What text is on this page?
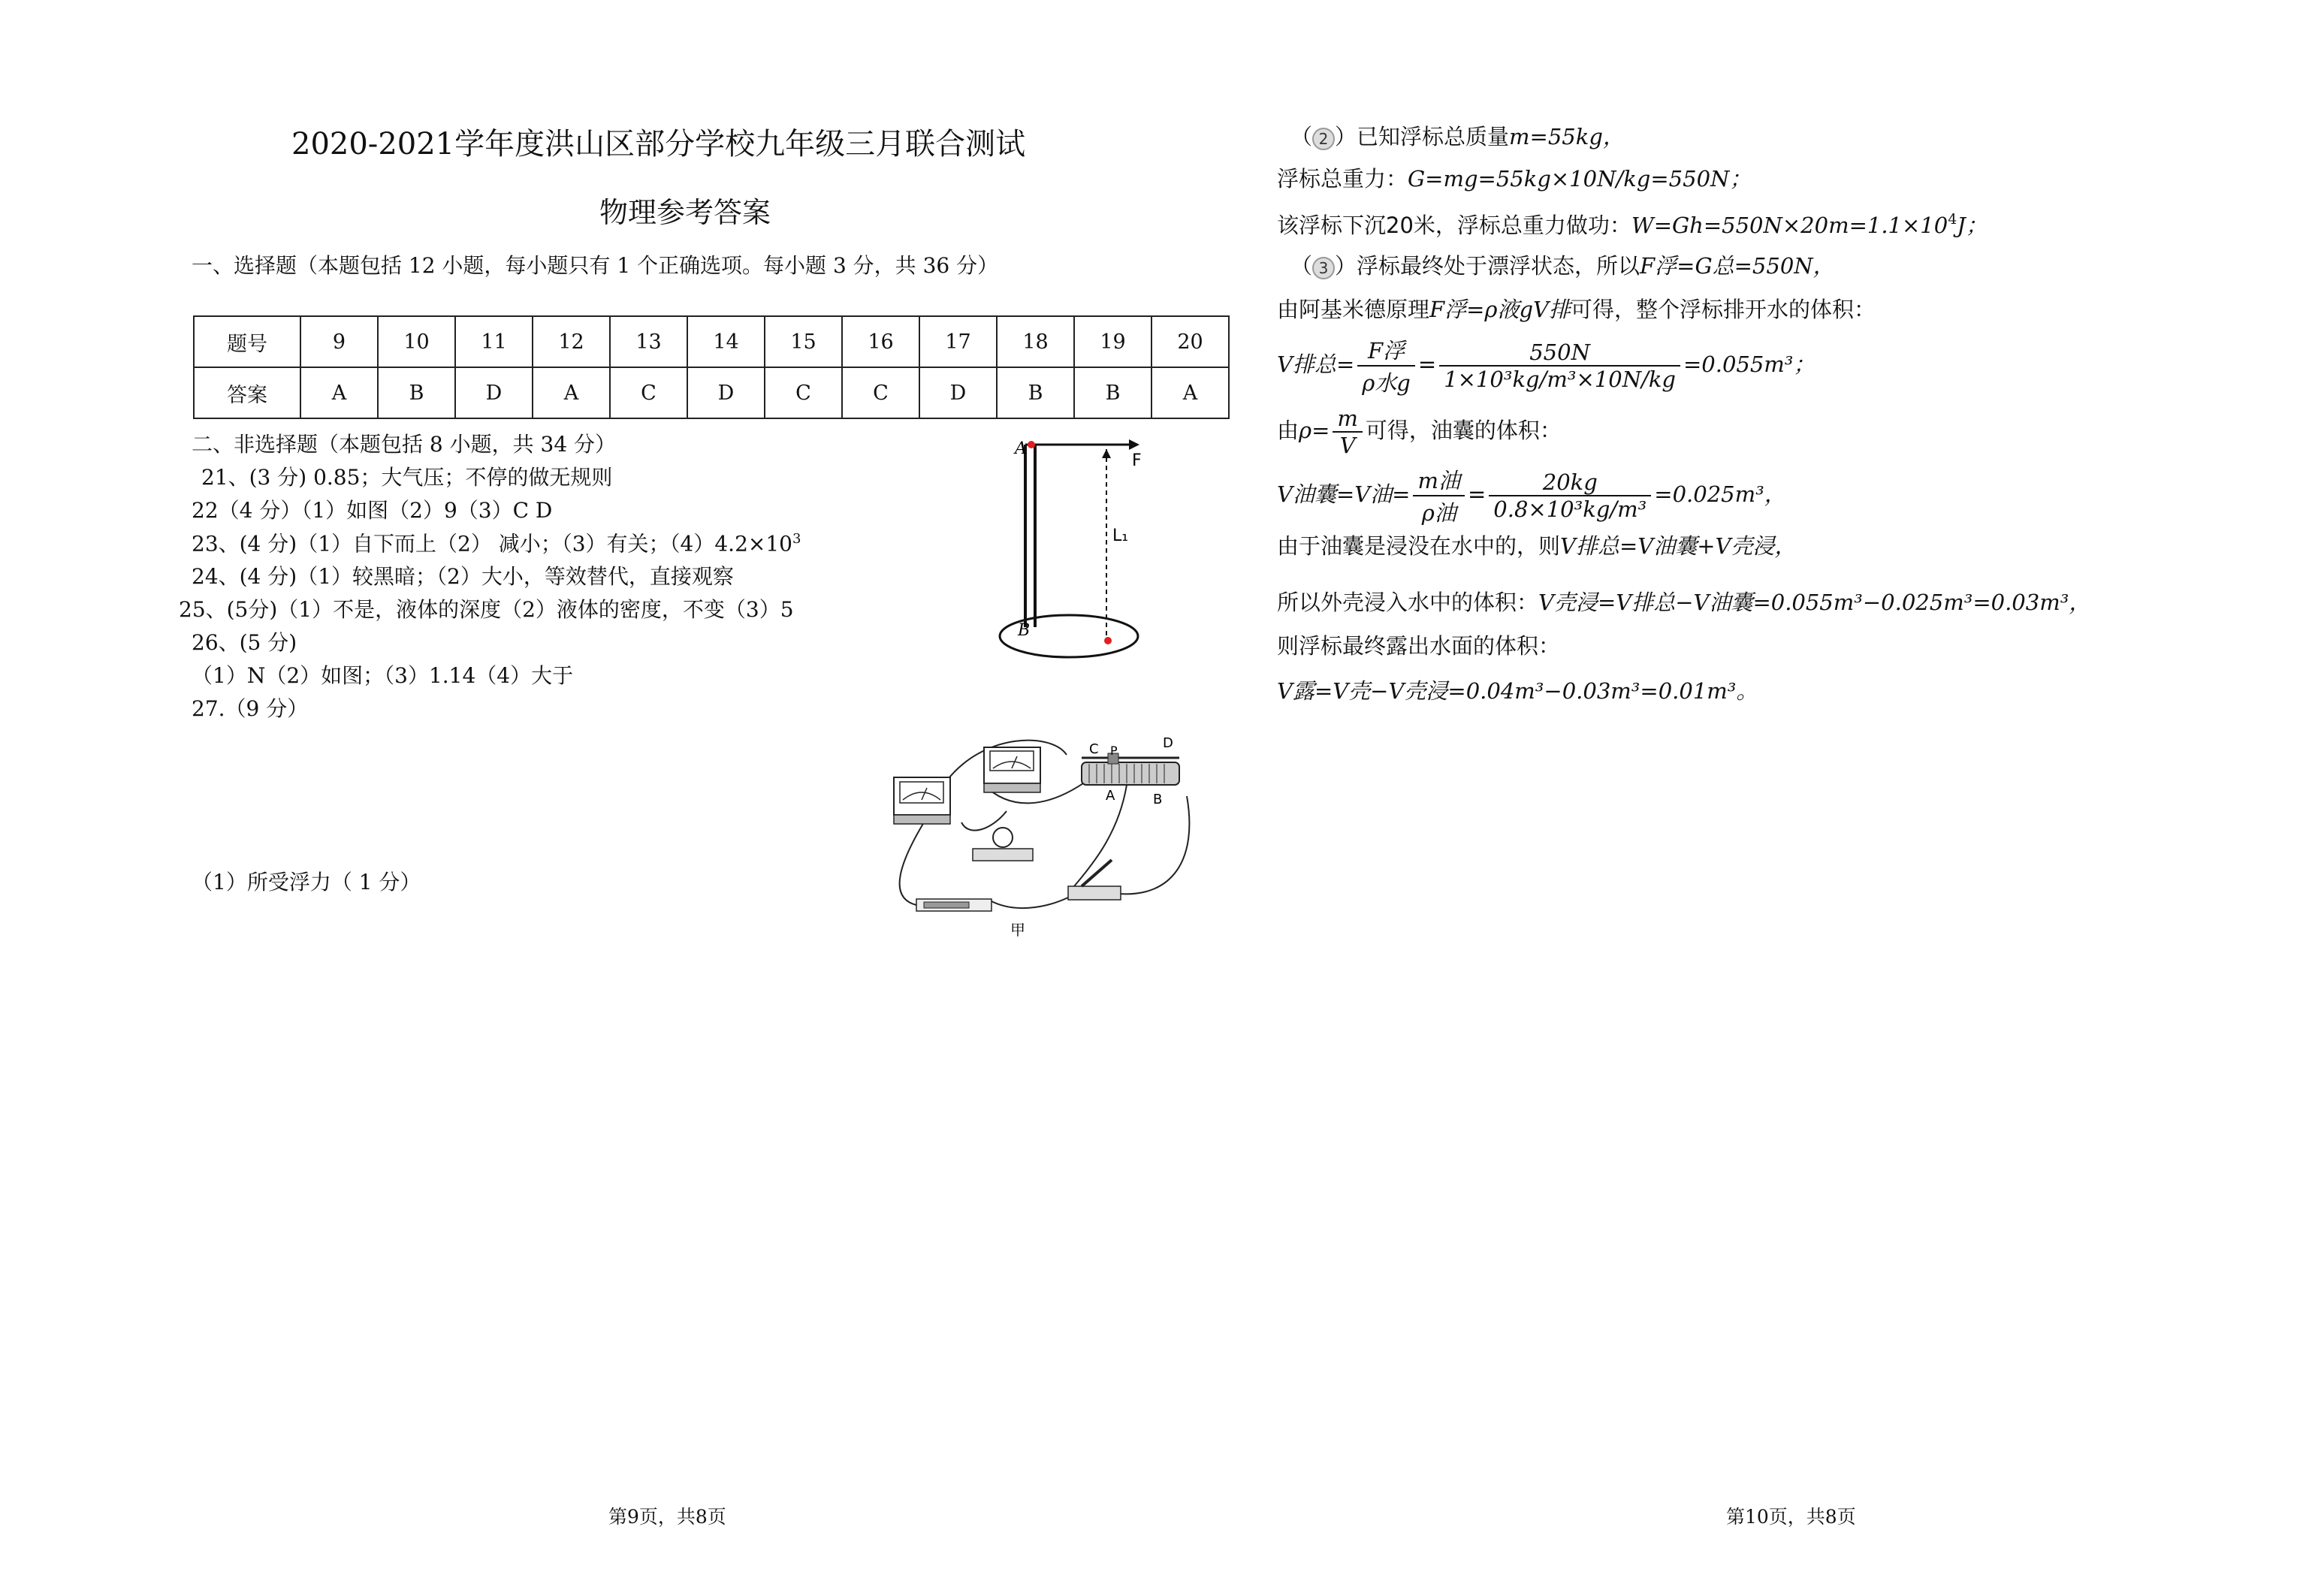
2020-2021学年度洪山区部分学校九年级三月联合测试
物理参考答案
一、选择题（本题包括 12 小题，每小题只有 1 个正确选项。每小题 3 分，共 36 分）
题号	9	10	11	12	13	14	15	16	17	18	19	20
答案	A	B	D	A	C	D	C	C	D	B	B	A
二、非选择题（本题包括 8 小题，共 34 分）
21、(3 分) 0.85；大气压；不停的做无规则
22（4 分）（1）如图（2）9（3）C D
23、(4 分)（1）自下而上（2） 减小；（3）有关；$(4)4.2\times 10^3$
24、(4 分)（1）较黑暗；（2）大小，等效替代，直接观察
25、(5分)（1）不是，液体的深度（2）液体的密度，不变（3）5
26、(5 分)
（1）N（2）如图；（3）1.14（4）大于
27.（9 分）
（1）所受浮力（ 1 分）
A
B
F
L₁
C P	D
A	B
甲
第9页，共8页
（ 2 ）已知浮标总质量m=55kg，
浮标总重力：G=mg=55kg×10N/kg=550N；
该浮标下沉20米，浮标总重力做功：$W=Gh=550N\times 20m=1.1\times 10^4J$；
（ 3 ）浮标最终处于漂浮状态，所以F浮=G总=550N，
由阿基米德原理F浮=ρ液gV排可得，整个浮标排开水的体积：
V排总= $\frac{\text{F浮}}{\text{ρ水g}} = \frac{550N}{\text{1×10³kg/m³×10N/kg}} =0.055m^3$；
由$\rho= \frac{m}{V}$ 可得，油囊的体积：
V油囊=V油= $\frac{\text{m油}}{\text{ρ油}} = \frac{20kg}{\text{0.8×10³kg/m³}} =0.025m^3$，
由于油囊是浸没在水中的，则V排总=V油囊+V壳浸，
所以外壳浸入水中的体积：V壳浸=V排总−V油囊=0.055m³−0.025m³=0.03m³，
则浮标最终露出水面的体积：
V露=V壳−V壳浸=0.04m³−0.03m³=0.01m³。
第10页，共8页
